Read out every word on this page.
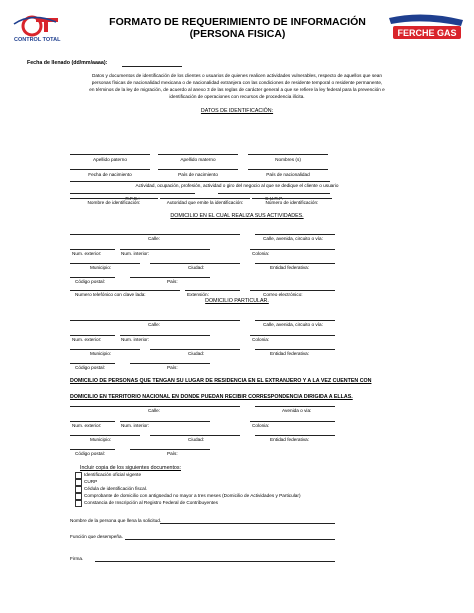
CONTROL TOTAL
FORMATO DE REQUERIMIENTO DE INFORMACIÓN
(PERSONA FISICA)	FERCHE GAS
Fecha de llenado (dd/mm/aaaa):
Datos y documentos de identificación de los clientes o usuarios de quienes realicen actividades vulnerables, respecto de aquellos que sean
personas físicas de nacionalidad mexicana o de nacionalidad extranjera con las condiciones de residente temporal o residente permanente,
en términos de la ley de migración, de acuerdo al anexo 3 de las reglas de carácter general a que se refiere la ley federal para la prevención e
identificación de operaciones con recursos de procedencia ilícita.
DATOS DE IDENTIFICACIÓN:
Apellido paterno	Apellido materno	Nombres (s)
Fecha de nacimiento	País de nacimiento	País de nacionalidad
Actividad, ocupación, profesión, actividad o giro del negocio al que se dedique el cliente o usuario
R.F.C.:	C.U.R.P.
Nombre de identificación:	Autoridad que emite la identificación:	Número de identificación:
DOMICILIO EN EL CUAL REALIZA SUS ACTIVIDADES.
Calle:	Calle, avenida, circuito o vía:
Num. exterior:	Num. interior:	Colonia:
Municipio:	Ciudad:	Entidad federativa:
Código postal:	País:
Numero telefónico con clave lada:	Extensión:	Correo electrónico:
DOMICILIO PARTICULAR.
Calle:	Calle, avenida, circuito o vía:
Num. exterior:	Num. interior:	Colonia:
Municipio:	Ciudad:	Entidad federativa:
Código postal:	País:
DOMICILIO DE PERSONAS QUE TENGAN SU LUGAR DE RESIDENCIA EN EL EXTRANJERO Y A LA VEZ CUENTEN CON
DOMICILIO EN TERRITORIO NACIONAL EN DONDE PUEDAN RECIBIR CORRESPONDENCIA DIRIGIDA A ELLAS.
Calle:	Avenida o via:
Num. exterior:	Num. interior:	Colonia:
Municipio:	Ciudad:	Entidad federativa:
Código postal:	País:
Incluir copia de los siguientes documentos:
Identificación oficial vigente
CURP
Cédula de identificación fiscal.
Comprobante de domicilio con antigüedad no mayor a tres meses (Domicilio de Actividades y Particular)
Constancia de Inscripción al Registro Federal de Contribuyentes
Nombre de la persona que llena la solicitud.
Función que desempeña.
Firma.
